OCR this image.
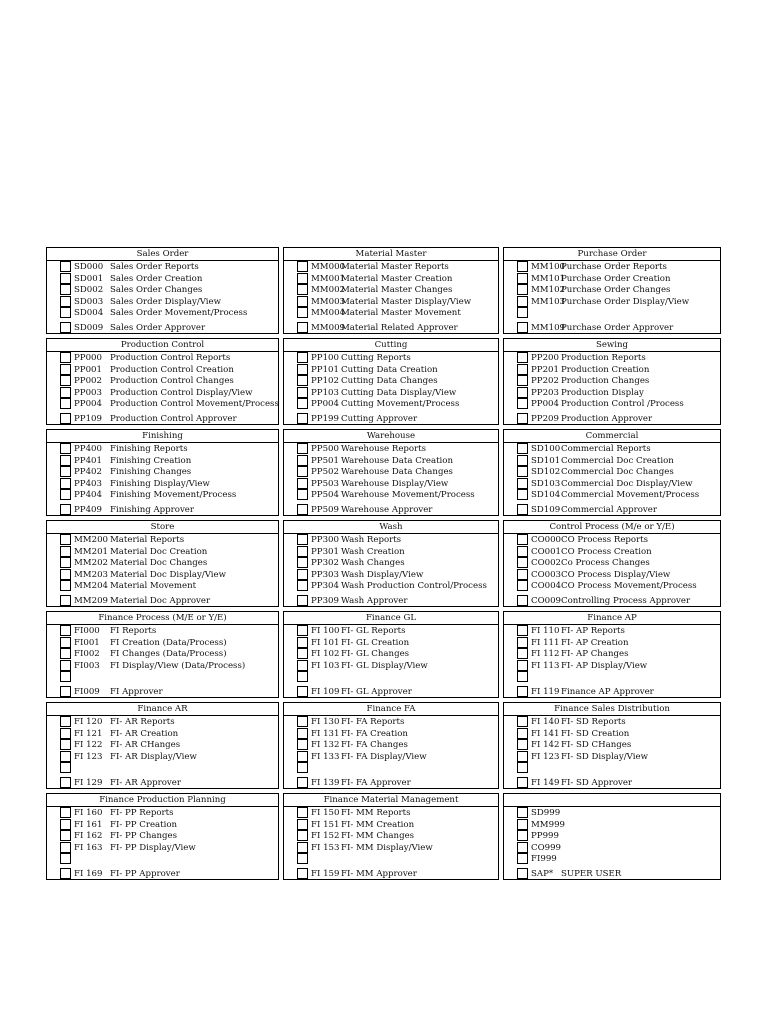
Sales Order
SD000 Sales Order Reports
SD001 Sales Order Creation
SD002 Sales Order Changes
SD003 Sales Order Display/View
SD004 Sales Order Movement/Process
SD009 Sales Order Approver
Material Master
MM000
Material Master Reports
MM001
Material Master Creation
MM002
Material Master Changes
MM003
Material Master Display/View
MM004
Material Master Movement
MM009
Material Related Approver
Purchase Order
MM100
Purchase Order Reports
MM101
Purchase Order Creation
MM102
Purchase Order Changes
MM103
Purchase Order Display/View
MM109
Purchase Order Approver
Production Control
PP000 Production Control Reports
PP001 Production Control Creation
PP002 Production Control Changes
PP003 Production Control Display/View
PP004 Production Control Movement/Process
PP109 Production Control Approver
Cutting
PP100 Cutting Reports
PP101 Cutting Data Creation
PP102 Cutting Data Changes
PP103 Cutting Data Display/View
PP004 Cutting Movement/Process
PP199 Cutting Approver
Sewing
PP200 Production Reports
PP201 Production Creation
PP202 Production Changes
PP203 Production Display
PP004 Production Control /Process
PP209 Production Approver
Finishing
PP400 Finishing Reports
PP401 Finishing Creation
PP402 Finishing Changes
PP403 Finishing Display/View
PP404 Finishing Movement/Process
PP409 Finishing Approver
Warehouse
PP500 Warehouse Reports
PP501 Warehouse Data Creation
PP502 Warehouse Data Changes
PP503 Warehouse Display/View
PP504 Warehouse Movement/Process
PP509 Warehouse Approver
Commercial
SD100 Commercial Reports
SD101 Commercial Doc Creation
SD102 Commercial Doc Changes
SD103 Commercial Doc Display/View
SD104 Commercial Movement/Process
SD109 Commercial Approver
Store
MM200 Material Reports
MM201 Material Doc Creation
MM202 Material Doc Changes
MM203 Material Doc Display/View
MM204 Material Movement
MM209 Material Doc Approver
Wash
PP300 Wash Reports
PP301 Wash Creation
PP302 Wash Changes
PP303 Wash Display/View
PP304 Wash Production Control/Process
PP309 Wash Approver
Control Process (M/e or Y/E)
CO000 CO Process Reports
CO001 CO Process Creation
CO002 Co Process Changes
CO003 CO Process Display/View
CO004 CO Process Movement/Process
CO009 Controlling Process Approver
Finance Process (M/E or Y/E)
FI000 FI Reports
FI001 FI Creation (Data/Process)
FI002 FI Changes (Data/Process)
FI003 FI Display/View (Data/Process)
FI009 FI Approver
Finance GL
FI 100 FI- GL Reports
FI 101 FI- GL Creation
FI 102 FI- GL Changes
FI 103 FI- GL Display/View
FI 109 FI- GL Approver
Finance AP
FI 110 FI- AP Reports
FI 111 FI- AP Creation
FI 112 FI- AP Changes
FI 113 FI- AP Display/View
FI 119 Finance AP Approver
Finance AR
FI 120 FI- AR Reports
FI 121 FI- AR Creation
FI 122 FI- AR CHanges
FI 123 FI- AR Display/View
FI 129 FI- AR Approver
Finance FA
FI 130 FI- FA Reports
FI 131 FI- FA Creation
FI 132 FI- FA Changes
FI 133 FI- FA Display/View
FI 139 FI- FA Approver
Finance Sales Distribution
FI 140 FI- SD Reports
FI 141 FI- SD Creation
FI 142 FI- SD CHanges
FI 123 FI- SD Display/View
FI 149 FI- SD Approver
Finance Production Planning
FI 160 FI- PP Reports
FI 161 FI- PP Creation
FI 162 FI- PP Changes
FI 163 FI- PP Display/View
FI 169 FI- PP Approver
Finance Material Management
FI 150 FI- MM Reports
FI 151 FI- MM Creation
FI 152 FI- MM Changes
FI 153 FI- MM Display/View
FI 159 FI- MM Approver
SD999
MM999
PP999
CO999
FI999
SAP* SUPER USER
